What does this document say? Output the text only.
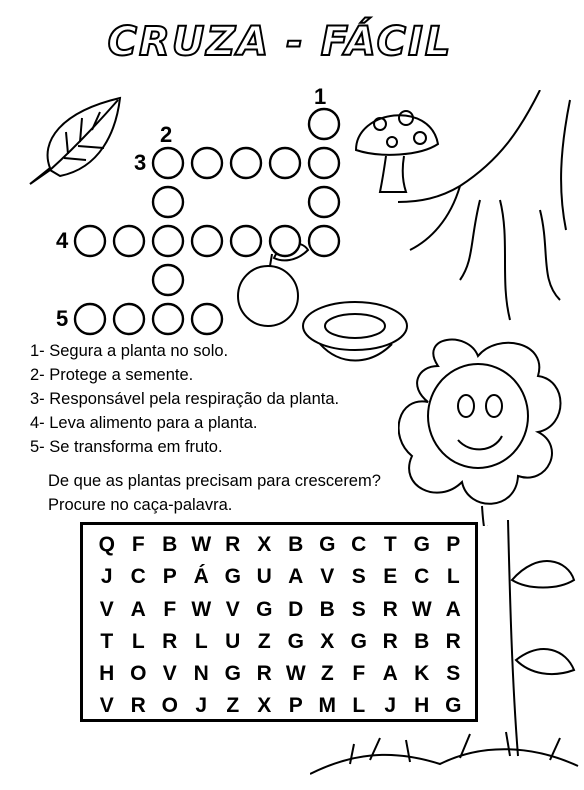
CRUZA - FÁCIL
1
2
3
4
5
1- Segura a planta no solo.
2- Protege a semente.
3- Responsável pela respiração da planta.
4- Leva alimento para a planta.
5- Se transforma em fruto.
De que as plantas precisam para crescerem?
Procure no caça-palavra.
Q F B W R X B G C T G P
J C P Á G U A V S E C L
V A F W V G D B S R W A
T L R L U Z G X G R B R
H O V N G R W Z F A K S
V R O J Z X P M L J H G
